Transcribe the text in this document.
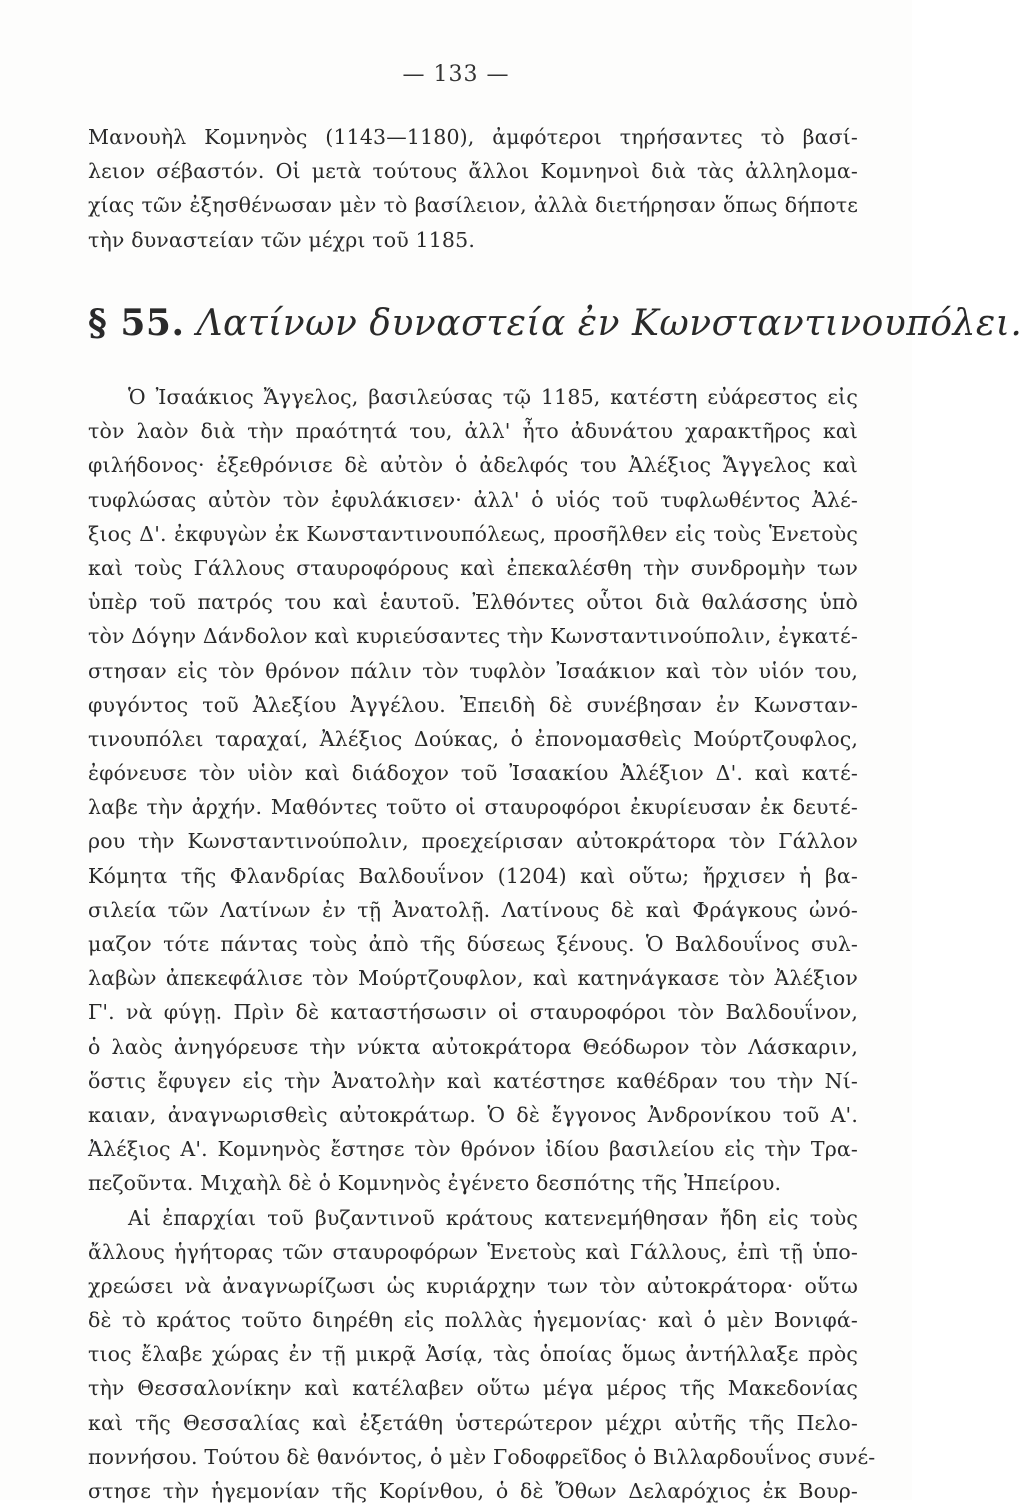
— 133 —
Μανουὴλ Κομνηνὸς (1143—1180), ἀμφότεροι τηρήσαντες τὸ βασί-
λειον σέβαστόν. Οἱ μετὰ τούτους ἄλλοι Κομνηνοὶ διὰ τὰς ἀλληλομα-
χίας τῶν ἐξησθένωσαν μὲν τὸ βασίλειον, ἀλλὰ διετήρησαν ὅπως δήποτε
τὴν δυναστείαν τῶν μέχρι τοῦ 1185.
§ 55. Λατίνων δυναστεία ἐν Κωνσταντινουπόλει.
Ὁ Ἰσαάκιος Ἄγγελος, βασιλεύσας τῷ 1185, κατέστη εὐάρεστος εἰς
τὸν λαὸν διὰ τὴν πραότητά του, ἀλλ' ἦτο ἀδυνάτου χαρακτῆρος καὶ
φιλήδονος· ἐξεθρόνισε δὲ αὐτὸν ὁ ἀδελφός του Ἀλέξιος Ἄγγελος καὶ
τυφλώσας αὐτὸν τὸν ἐφυλάκισεν· ἀλλ' ὁ υἱός τοῦ τυφλωθέντος Ἀλέ-
ξιος Δ'. ἐκφυγὼν ἐκ Κωνσταντινουπόλεως, προσῆλθεν εἰς τοὺς Ἑνετοὺς
καὶ τοὺς Γάλλους σταυροφόρους καὶ ἐπεκαλέσθη τὴν συνδρομὴν των
ὑπὲρ τοῦ πατρός του καὶ ἑαυτοῦ. Ἐλθόντες οὗτοι διὰ θαλάσσης ὑπὸ
τὸν Δόγην Δάνδολον καὶ κυριεύσαντες τὴν Κωνσταντινούπολιν, ἐγκατέ-
στησαν εἰς τὸν θρόνον πάλιν τὸν τυφλὸν Ἰσαάκιον καὶ τὸν υἱόν του,
φυγόντος τοῦ Ἀλεξίου Ἀγγέλου. Ἐπειδὴ δὲ συνέβησαν ἐν Κωνσταν-
τινουπόλει ταραχαί, Ἀλέξιος Δούκας, ὁ ἐπονομασθεὶς Μούρτζουφλος,
ἐφόνευσε τὸν υἱὸν καὶ διάδοχον τοῦ Ἰσαακίου Ἀλέξιον Δ'. καὶ κατέ-
λαβε τὴν ἀρχήν. Μαθόντες τοῦτο οἱ σταυροφόροι ἐκυρίευσαν ἐκ δευτέ-
ρου τὴν Κωνσταντινούπολιν, προεχείρισαν αὐτοκράτορα τὸν Γάλλον
Κόμητα τῆς Φλανδρίας Βαλδουΐνον (1204) καὶ οὕτω; ἤρχισεν ἡ βα-
σιλεία τῶν Λατίνων ἐν τῇ Ἀνατολῇ. Λατίνους δὲ καὶ Φράγκους ὠνό-
μαζον τότε πάντας τοὺς ἀπὸ τῆς δύσεως ξένους. Ὁ Βαλδουΐνος συλ-
λαβὼν ἀπεκεφάλισε τὸν Μούρτζουφλον, καὶ κατηνάγκασε τὸν Ἀλέξιον
Γ'. νὰ φύγῃ. Πρὶν δὲ καταστήσωσιν οἱ σταυροφόροι τὸν Βαλδουΐνον,
ὁ λαὸς ἀνηγόρευσε τὴν νύκτα αὐτοκράτορα Θεόδωρον τὸν Λάσκαριν,
ὅστις ἔφυγεν εἰς τὴν Ἀνατολὴν καὶ κατέστησε καθέδραν του τὴν Νί-
καιαν, ἀναγνωρισθεὶς αὐτοκράτωρ. Ὁ δὲ ἔγγονος Ἀνδρονίκου τοῦ Α'.
Ἀλέξιος Α'. Κομνηνὸς ἔστησε τὸν θρόνον ἰδίου βασιλείου εἰς τὴν Τρα-
πεζοῦντα. Μιχαὴλ δὲ ὁ Κομνηνὸς ἐγένετο δεσπότης τῆς Ἠπείρου.
Αἱ ἐπαρχίαι τοῦ βυζαντινοῦ κράτους κατενεμήθησαν ἤδη εἰς τοὺς
ἄλλους ἡγήτορας τῶν σταυροφόρων Ἑνετοὺς καὶ Γάλλους, ἐπὶ τῇ ὑπο-
χρεώσει νὰ ἀναγνωρίζωσι ὡς κυριάρχην των τὸν αὐτοκράτορα· οὕτω
δὲ τὸ κράτος τοῦτο διηρέθη εἰς πολλὰς ἡγεμονίας· καὶ ὁ μὲν Βονιφά-
τιος ἔλαβε χώρας ἐν τῇ μικρᾷ Ἀσίᾳ, τὰς ὁποίας ὅμως ἀντήλλαξε πρὸς
τὴν Θεσσαλονίκην καὶ κατέλαβεν οὕτω μέγα μέρος τῆς Μακεδονίας
καὶ τῆς Θεσσαλίας καὶ ἐξετάθη ὑστερώτερον μέχρι αὐτῆς τῆς Πελο-
ποννήσου. Τούτου δὲ θανόντος, ὁ μὲν Γοδοφρεῖδος ὁ Βιλλαρδουΐνος συνέ-
στησε τὴν ἡγεμονίαν τῆς Κορίνθου, ὁ δὲ Ὄθων Δελαρόχιος ἐκ Βουρ-
